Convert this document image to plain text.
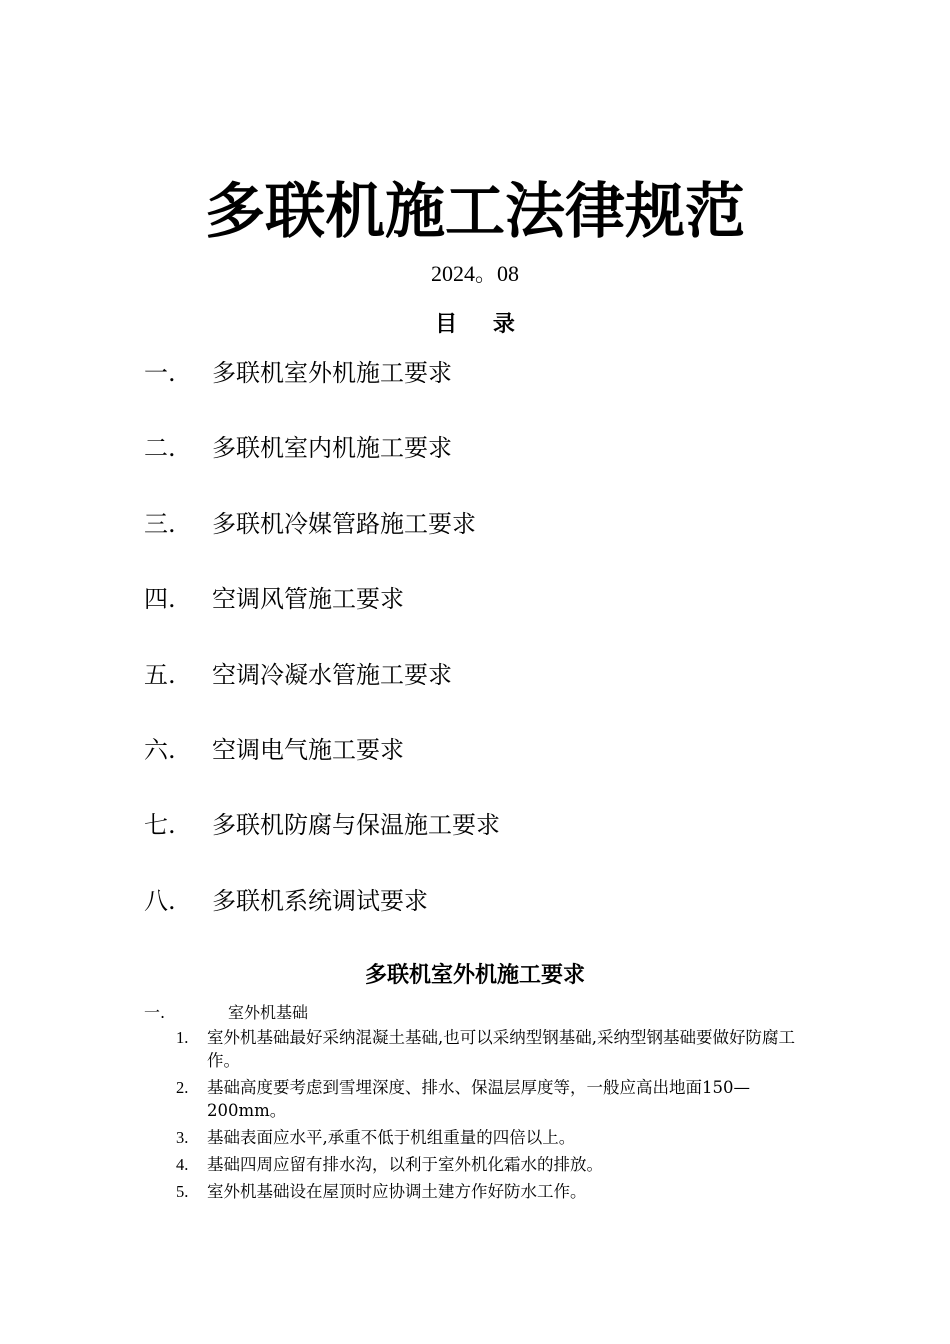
多联机施工法律规范
2024。08
目 录
一. 多联机室外机施工要求
二. 多联机室内机施工要求
三. 多联机冷媒管路施工要求
四. 空调风管施工要求
五. 空调冷凝水管施工要求
六. 空调电气施工要求
七. 多联机防腐与保温施工要求
八. 多联机系统调试要求
多联机室外机施工要求
一.	室外机基础
1. 室外机基础最好采纳混凝土基础,也可以采纳型钢基础,采纳型钢基础要做好防腐工作。
2. 基础高度要考虑到雪埋深度、排水、保温层厚度等，一般应高出地面150—200mm。
3. 基础表面应水平,承重不低于机组重量的四倍以上。
4. 基础四周应留有排水沟，以利于室外机化霜水的排放。
5. 室外机基础设在屋顶时应协调土建方作好防水工作。
